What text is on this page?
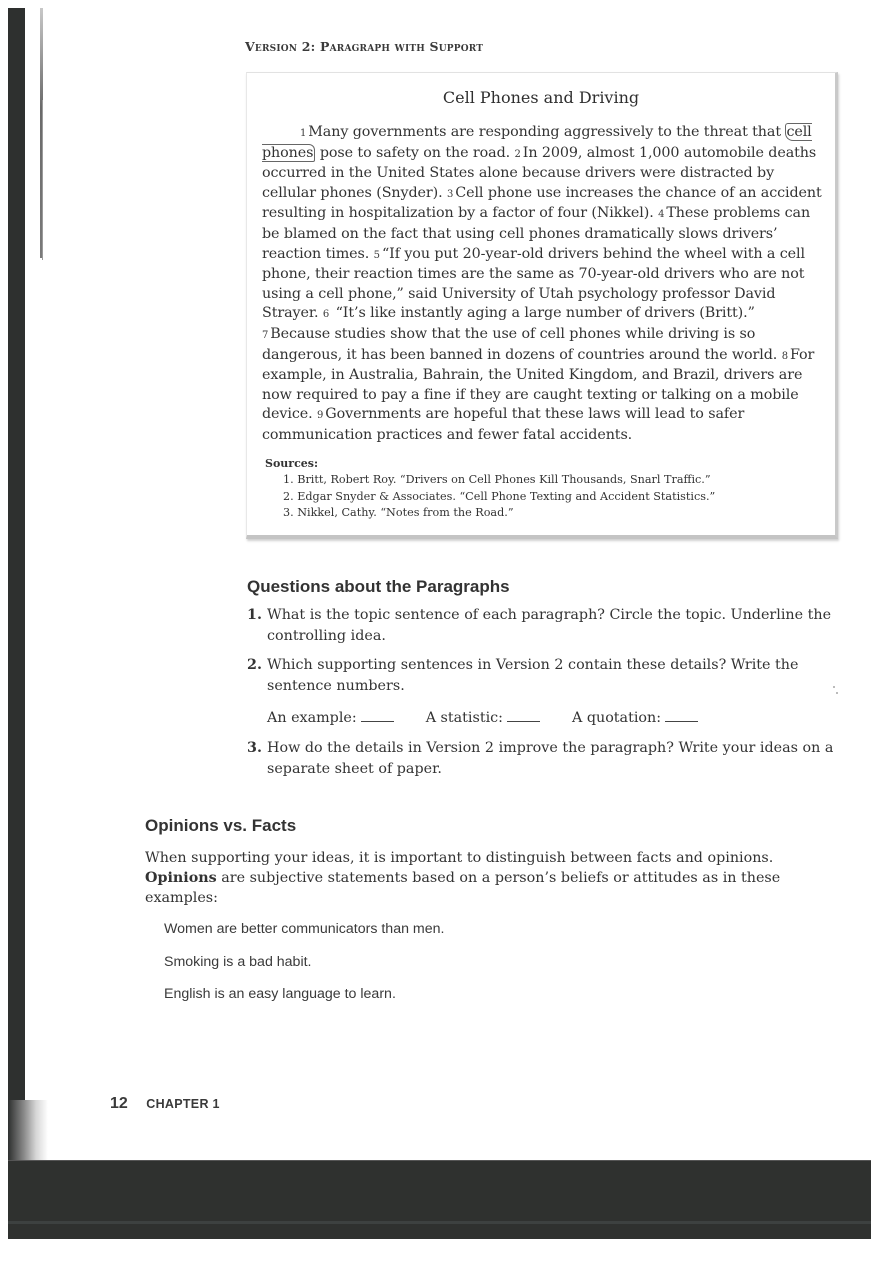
Version 2: Paragraph with Support
Cell Phones and Driving
1 Many governments are responding aggressively to the threat that cell phones pose to safety on the road. 2 In 2009, almost 1,000 automobile deaths occurred in the United States alone because drivers were distracted by cellular phones (Snyder). 3 Cell phone use increases the chance of an accident resulting in hospitalization by a factor of four (Nikkel). 4 These problems can be blamed on the fact that using cell phones dramatically slows drivers’ reaction times. 5 “If you put 20-year-old drivers behind the wheel with a cell phone, their reaction times are the same as 70-year-old drivers who are not using a cell phone,” said University of Utah psychology professor David Strayer. 6 “It’s like instantly aging a large number of drivers (Britt).” 7 Because studies show that the use of cell phones while driving is so dangerous, it has been banned in dozens of countries around the world. 8 For example, in Australia, Bahrain, the United Kingdom, and Brazil, drivers are now required to pay a fine if they are caught texting or talking on a mobile device. 9 Governments are hopeful that these laws will lead to safer communication practices and fewer fatal accidents.
Sources:
1. Britt, Robert Roy. “Drivers on Cell Phones Kill Thousands, Snarl Traffic.”
2. Edgar Snyder & Associates. “Cell Phone Texting and Accident Statistics.”
3. Nikkel, Cathy. “Notes from the Road.”
Questions about the Paragraphs
1. What is the topic sentence of each paragraph? Circle the topic. Underline the controlling idea.
2. Which supporting sentences in Version 2 contain these details? Write the sentence numbers.
An example:	A statistic:	A quotation:
3. How do the details in Version 2 improve the paragraph? Write your ideas on a separate sheet of paper.
Opinions vs. Facts
When supporting your ideas, it is important to distinguish between facts and opinions. Opinions are subjective statements based on a person’s beliefs or attitudes as in these examples:
Women are better communicators than men.
Smoking is a bad habit.
English is an easy language to learn.
12 CHAPTER 1
